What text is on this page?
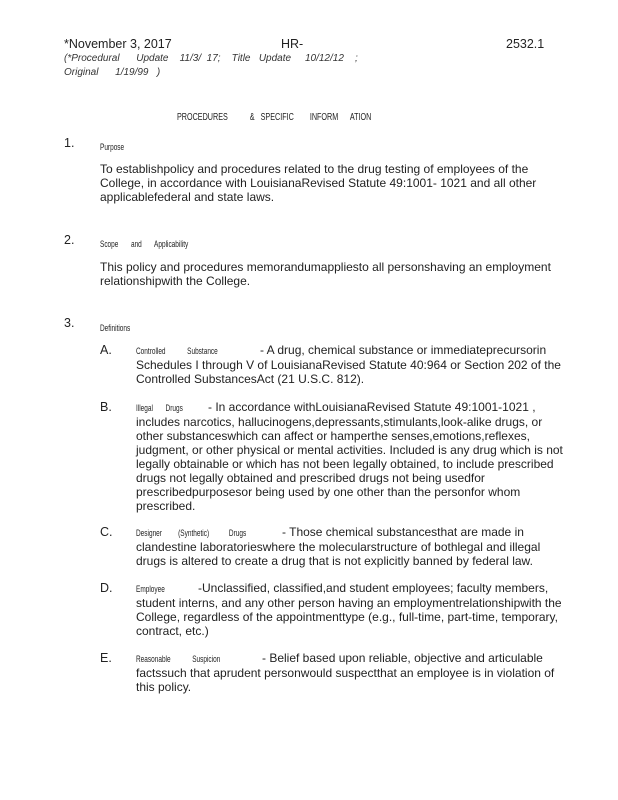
*November 3, 2017	HR-	2532.1
(*Procedural      Update    11/3/  17;    Title   Update     10/12/12    ;
Original      1/19/99   )
PROCEDURES           &   SPECIFIC        INFORM      ATION
1.	Purpose
To establishpolicy and procedures related to the drug testing of employees of the College, in accordance with LouisianaRevised Statute 49:1001- 1021 and all other applicablefederal and state laws.
2.	Scope       and       Applicability
This policy and procedures memorandumappliesto all personshaving an employment relationshipwith the College.
3.	Definitions
A.	Controlled            Substance	- A drug, chemical substance or immediateprecursorin Schedules I through V of LouisianaRevised Statute 40:964 or Section 202 of the Controlled SubstancesAct (21 U.S.C. 812).
B.	Illegal       Drugs - In accordance withLouisianaRevised Statute 49:1001-1021 , includes narcotics, hallucinogens,depressants,stimulants,look-alike drugs, or other substanceswhich can affect or hamperthe senses,emotions,reflexes, judgment, or other physical or mental activities. Included is any drug which is not legally obtainable or which has not been legally obtained, to include prescribed drugs not legally obtained and prescribed drugs not being usedfor prescribedpurposesor being used by one other than the personfor whom prescribed.
C.	Designer         (Synthetic)           Drugs	- Those chemical substancesthat are made in clandestine laboratorieswhere the molecularstructure of bothlegal and illegal drugs is altered to create a drug that is not explicitly banned by federal law.
D.	Employee	-Unclassified, classified,and student employees; faculty members, student interns, and any other person having an employmentrelationshipwith the College, regardless of the appointmenttype (e.g., full-time, part-time, temporary, contract, etc.)
E.	Reasonable            Suspicion	- Belief based upon reliable, objective and articulable factssuch that aprudent personwould suspectthat an employee is in violation of this policy.
